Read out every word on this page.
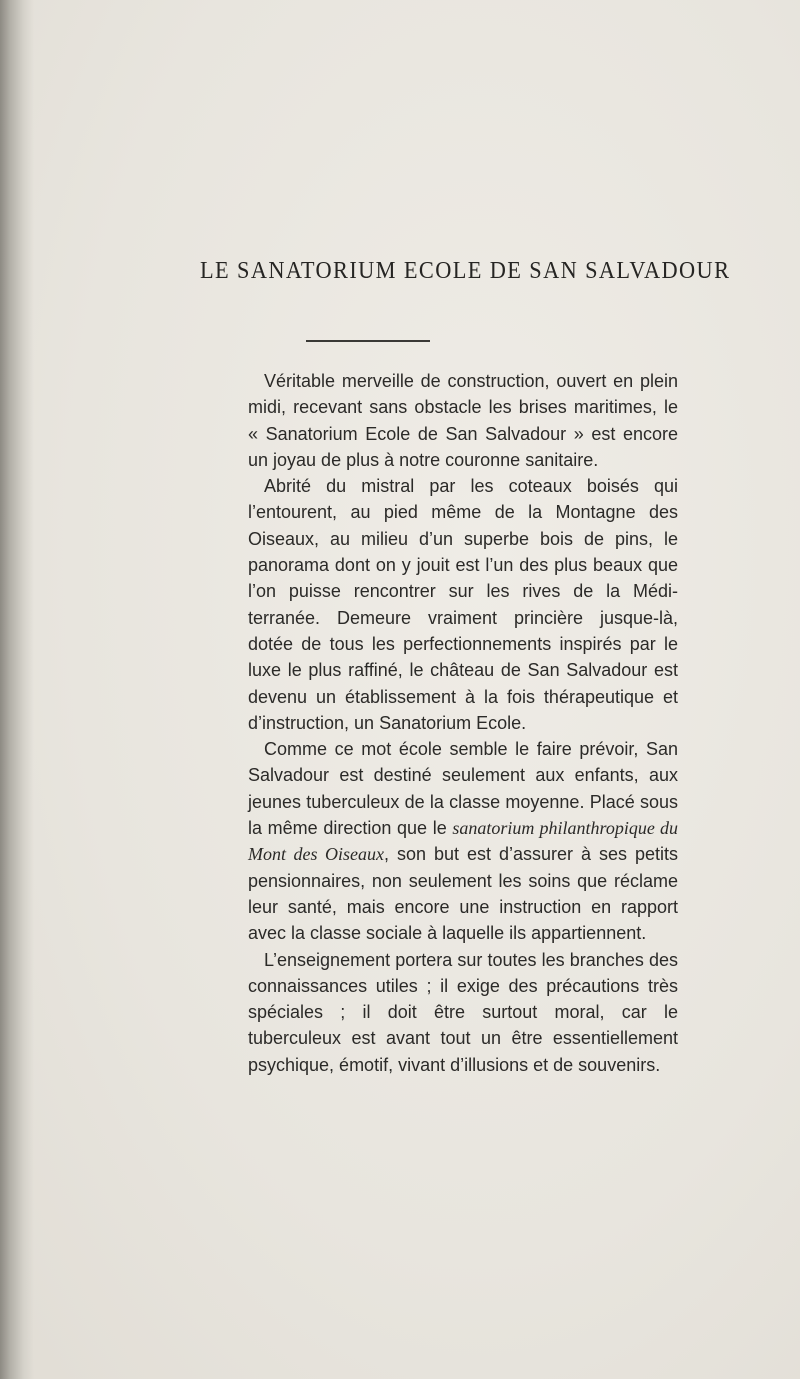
LE SANATORIUM ECOLE DE SAN SALVADOUR

Véritable merveille de construction, ouvert en plein midi, recevant sans obstacle les brises maritimes, le « Sanatorium Ecole de San Salvadour » est encore un joyau de plus à notre couronne sanitaire.

Abrité du mistral par les coteaux boisés qui l’entourent, au pied même de la Montagne des Oiseaux, au milieu d’un superbe bois de pins, le panorama dont on y jouit est l’un des plus beaux que l’on puisse rencontrer sur les rives de la Méditerranée. Demeure vraiment princière jusque-là, dotée de tous les perfectionnements inspirés par le luxe le plus raffiné, le château de San Salvadour est devenu un établissement à la fois thérapeutique et d’instruction, un Sanatorium Ecole.

Comme ce mot école semble le faire prévoir, San Salvadour est destiné seulement aux enfants, aux jeunes tuberculeux de la classe moyenne. Placé sous la même direction que le sanatorium philanthropique du Mont des Oiseaux, son but est d’assurer à ses petits pensionnaires, non seulement les soins que réclame leur santé, mais encore une instruction en rapport avec la classe sociale à laquelle ils appartiennent.

L’enseignement portera sur toutes les branches des connaissances utiles ; il exige des précautions très spéciales ; il doit être surtout moral, car le tuberculeux est avant tout un être essentiellement psychique, émotif, vivant d’illusions et de souvenirs.
